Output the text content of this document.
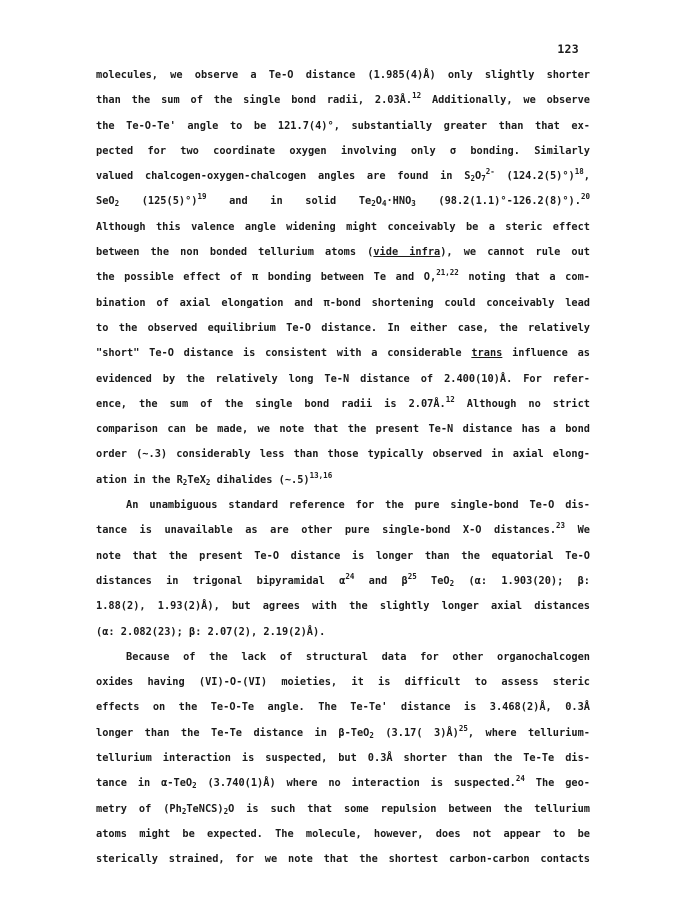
123
molecules, we observe a Te-O distance (1.985(4)Å) only slightly shorter
than the sum of the single bond radii, 2.03Å.$^{12}$ Additionally, we observe
the Te-O-Te' angle to be 121.7(4)°, substantially greater than that ex-
pected for two coordinate oxygen involving only σ bonding. Similarly
valued chalcogen-oxygen-chalcogen angles are found in $S_2O_7^{2-}$ $(124.2(5)^\circ)^{18}$,
SeO$_2$ $(125(5)^\circ)^{19}$ and in solid $Te_2O_4\cdot HNO_3$ (98.2(1.1)°-126.2(8)°).$^{20}$
Although this valence angle widening might conceivably be a steric effect
between the non bonded tellurium atoms (vide infra), we cannot rule out
the possible effect of π bonding between Te and O,$^{21,22}$ noting that a com-
bination of axial elongation and π-bond shortening could conceivably lead
to the observed equilibrium Te-O distance. In either case, the relatively
"short" Te-O distance is consistent with a considerable trans influence as
evidenced by the relatively long Te-N distance of 2.400(10)Å. For refer-
ence, the sum of the single bond radii is 2.07Å.$^{12}$ Although no strict
comparison can be made, we note that the present Te-N distance has a bond
order (~.3) considerably less than those typically observed in axial elong-
ation in the $R_2TeX_2$ dihalides (~.5)$^{13,16}$
An unambiguous standard reference for the pure single-bond Te-O dis-
tance is unavailable as are other pure single-bond X-O distances.$^{23}$ We
note that the present Te-O distance is longer than the equatorial Te-O
distances in trigonal bipyramidal $\alpha^{24}$ and $\beta^{25}$ TeO$_2$ (α: 1.903(20); β:
1.88(2), 1.93(2)Å), but agrees with the slightly longer axial distances
(α: 2.082(23); β: 2.07(2), 2.19(2)Å).
Because of the lack of structural data for other organochalcogen
oxides having (VI)-O-(VI) moieties, it is difficult to assess steric
effects on the Te-O-Te angle. The Te-Te' distance is 3.468(2)Å, 0.3Å
longer than the Te-Te distance in β-TeO$_2$ (3.17( 3)Å)$^{25}$, where tellurium-
tellurium interaction is suspected, but 0.3Å shorter than the Te-Te dis-
tance in α-TeO$_2$ (3.740(1)Å) where no interaction is suspected.$^{24}$ The geo-
metry of $(Ph_2TeNCS)_2O$ is such that some repulsion between the tellurium
atoms might be expected. The molecule, however, does not appear to be
sterically strained, for we note that the shortest carbon-carbon contacts
